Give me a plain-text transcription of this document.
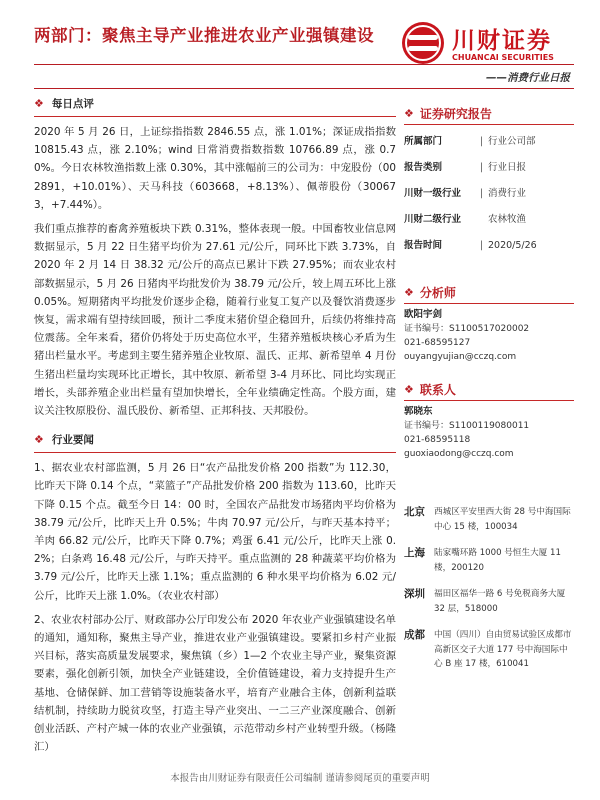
两部门：聚焦主导产业推进农业产业强镇建设	川财证券
CHUANCAI SECURITIES
——消费行业日报
❖ 每日点评

2020 年 5 月 26 日，上证综指指数 2846.55 点，涨 1.01%；深证成指指数 10815.43 点，涨 2.10%；wind 日常消费指数指数 10766.89 点，涨 0.70%。今日农林牧渔指数上涨 0.30%，其中涨幅前三的公司为：中宠股份（002891，+10.01%）、天马科技（603668，+8.13%）、佩蒂股份（300673，+7.44%）。

我们重点推荐的畜禽养殖板块下跌 0.31%，整体表现一般。中国畜牧业信息网数据显示，5 月 22 日生猪平均价为 27.61 元/公斤，同环比下跌 3.73%，自 2020 年 2 月 14 日 38.32 元/公斤的高点已累计下跌 27.95%；而农业农村部数据显示，5 月 26 日猪肉平均批发价为 38.79 元/公斤，较上周五环比上涨 0.05%。短期猪肉平均批发价逐步企稳，随着行业复工复产以及餐饮消费逐步恢复，需求端有望持续回暖，预计二季度末猪价望企稳回升，后续仍将维持高位震荡。全年来看，猪价仍将处于历史高位水平，生猪养殖板块核心矛盾为生猪出栏量水平。考虑到主要生猪养殖企业牧原、温氏、正邦、新希望单 4 月份生猪出栏量均实现环比正增长，其中牧原、新希望 3-4 月环比、同比均实现正增长，头部养殖企业出栏量有望加快增长，全年业绩确定性高。个股方面，建议关注牧原股份、温氏股份、新希望、正邦科技、天邦股份。

❖ 行业要闻

1、据农业农村部监测，5 月 26 日“农产品批发价格 200 指数”为 112.30，比昨天下降 0.14 个点，“菜篮子”产品批发价格 200 指数为 113.60，比昨天下降 0.15 个点。截至今日 14：00 时，全国农产品批发市场猪肉平均价格为 38.79 元/公斤，比昨天上升 0.5%；牛肉 70.97 元/公斤，与昨天基本持平；羊肉 66.82 元/公斤，比昨天下降 0.7%；鸡蛋 6.41 元/公斤，比昨天上涨 0.2%；白条鸡 16.48 元/公斤，与昨天持平。重点监测的 28 种蔬菜平均价格为 3.79 元/公斤，比昨天上涨 1.1%；重点监测的 6 种水果平均价格为 6.02 元/公斤，比昨天上涨 1.0%。（农业农村部）

2、农业农村部办公厅、财政部办公厅印发公布 2020 年农业产业强镇建设名单的通知，通知称，聚焦主导产业，推进农业产业强镇建设。要紧扣乡村产业振兴目标，落实高质量发展要求，聚焦镇（乡）1—2 个农业主导产业，聚集资源要素，强化创新引领，加快全产业链建设，全价值链建设，着力支持提升生产基地、仓储保鲜、加工营销等设施装备水平，培育产业融合主体，创新利益联结机制，持续助力脱贫攻坚，打造主导产业突出、一二三产业深度融合、创新创业活跃、产村产城一体的农业产业强镇，示范带动乡村产业转型升级。（杨隆汇）

❖ 证券研究报告
所属部门	| 行业公司部
报告类别	| 行业日报
川财一级行业	| 消费行业
川财二级行业	农林牧渔
报告时间	| 2020/5/26
❖ 分析师
欧阳宇剑
证书编号：S1100517020002
021-68595127
ouyangyujian@cczq.com
❖ 联系人
郭晓东
证书编号：S1100119080011
021-68595118
guoxiaodong@cczq.com
北京	西城区平安里西大街 28 号中海国际中心 15 楼，100034
上海	陆家嘴环路 1000 号恒生大厦 11 楼，200120
深圳	福田区福华一路 6 号免税商务大厦 32 层，518000
成都	中国（四川）自由贸易试验区成都市高新区交子大道 177 号中海国际中心 B 座 17 楼，610041
本报告由川财证券有限责任公司编制 谨请参阅尾页的重要声明
